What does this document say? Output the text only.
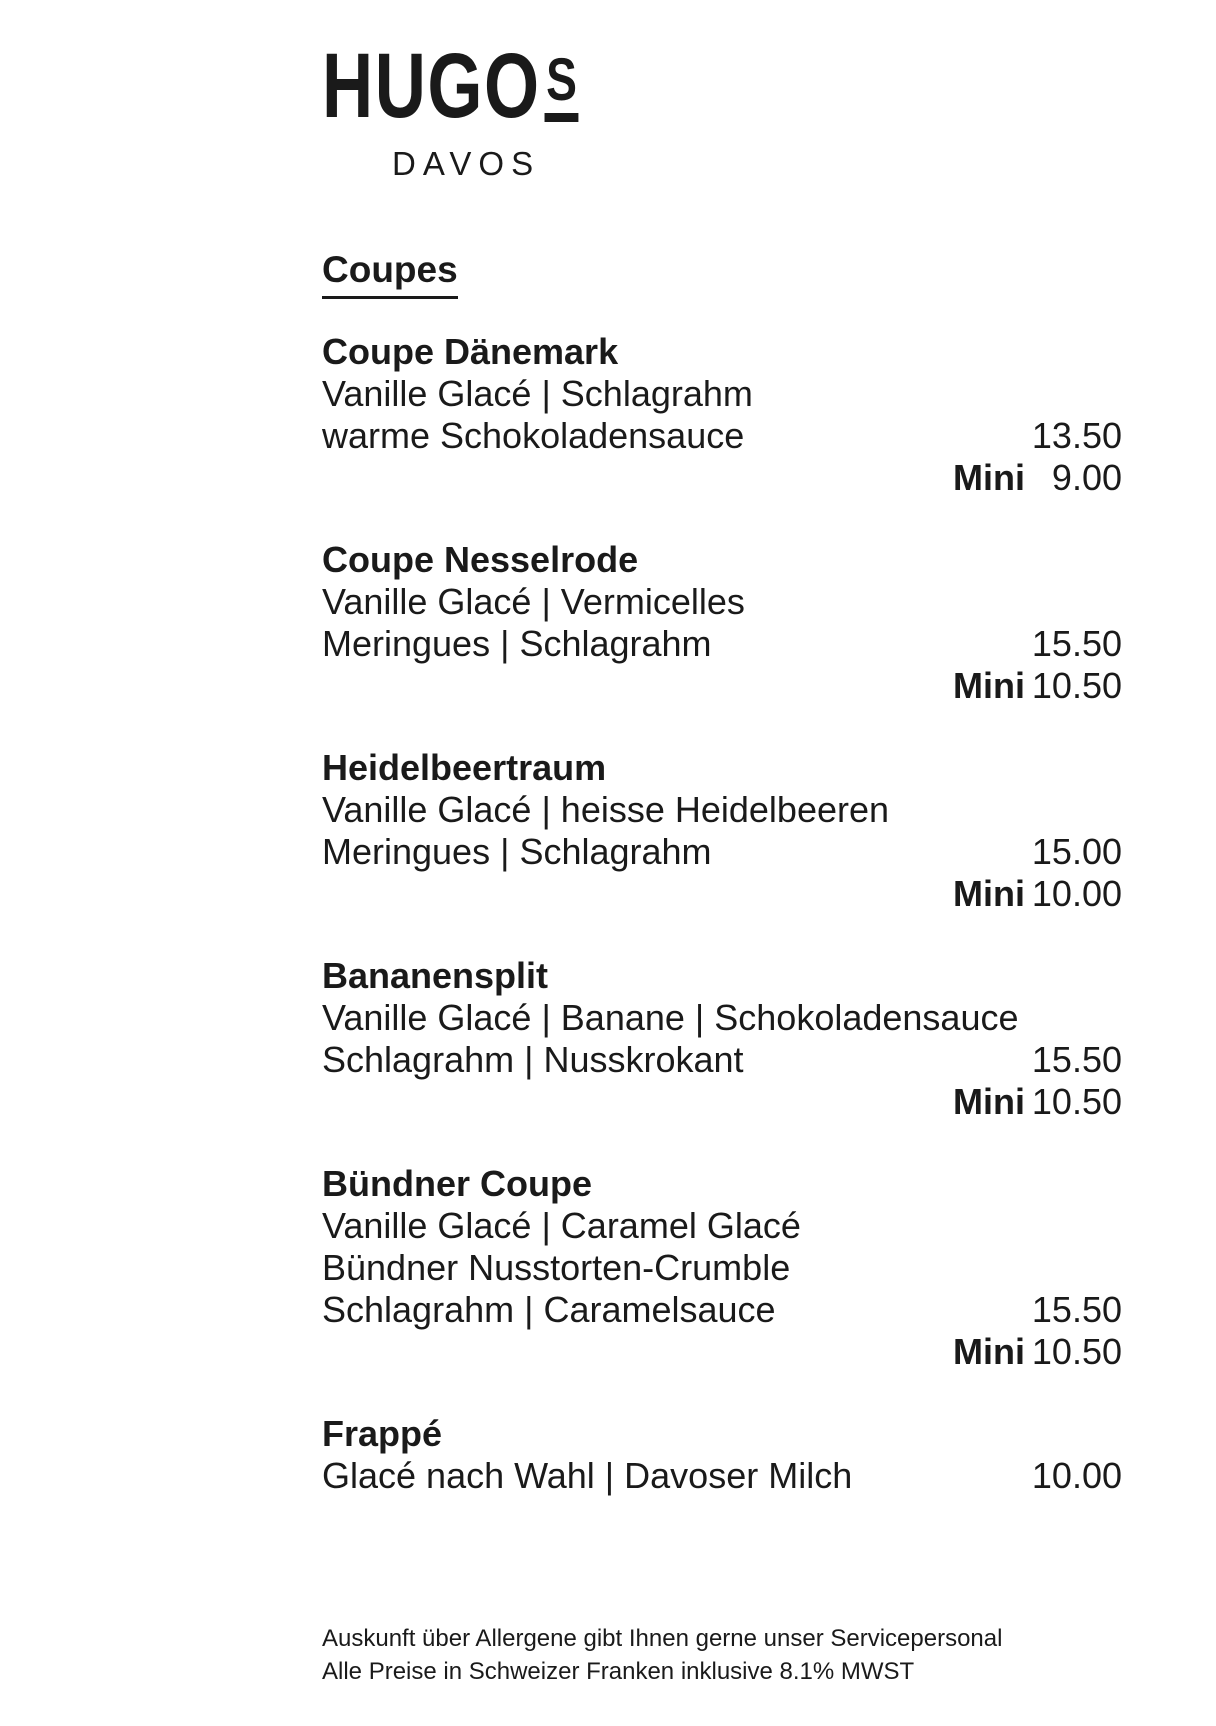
HUGO S
DAVOS
Coupes
Coupe Dänemark
Vanille Glacé | Schlagrahm
warme Schokoladensauce	13.50
Mini 9.00
Coupe Nesselrode
Vanille Glacé | Vermicelles
Meringues | Schlagrahm	15.50
Mini 10.50
Heidelbeertraum
Vanille Glacé | heisse Heidelbeeren
Meringues | Schlagrahm	15.00
Mini 10.00
Bananensplit
Vanille Glacé | Banane | Schokoladensauce
Schlagrahm | Nusskrokant	15.50
Mini 10.50
Bündner Coupe
Vanille Glacé | Caramel Glacé
Bündner Nusstorten-Crumble
Schlagrahm | Caramelsauce	15.50
Mini 10.50
Frappé
Glacé nach Wahl | Davoser Milch	10.00
Auskunft über Allergene gibt Ihnen gerne unser Servicepersonal
Alle Preise in Schweizer Franken inklusive 8.1% MWST
